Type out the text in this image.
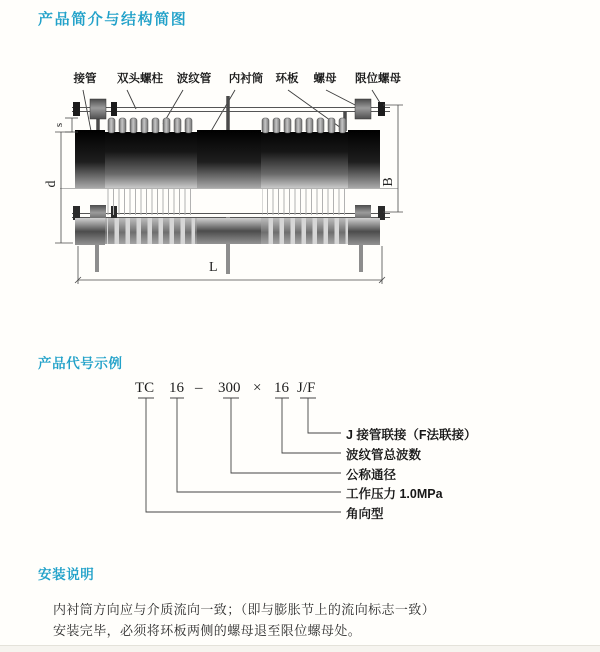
产品简介与结构简图
接管 双头螺柱 波纹管 内衬筒 环板 螺母 限位螺母
s
d	B
L
产品代号示例
TC 16 – 300 × 16 J/F
J 接管联接（F法联接）
波纹管总波数
公称通径
工作压力 1.0MPa
角向型
安装说明
内衬筒方向应与介质流向一致；（即与膨胀节上的流向标志一致）
安装完毕，必须将环板两侧的螺母退至限位螺母处。
